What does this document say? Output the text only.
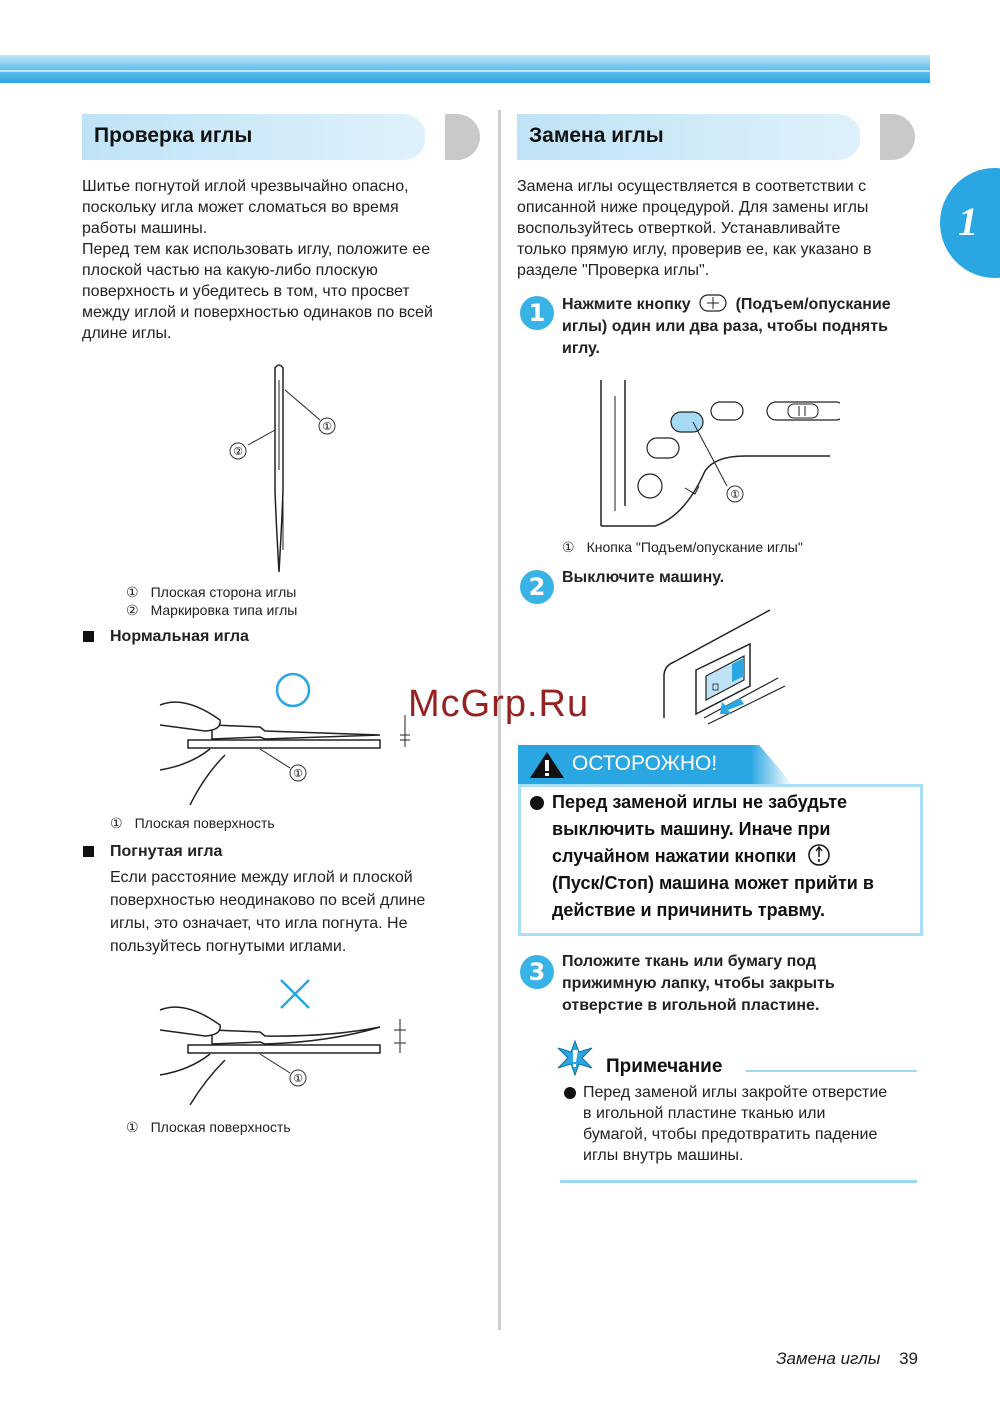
1
Проверка иглы
Шитье погнутой иглой чрезвычайно опасно,
поскольку игла может сломаться во время
работы машины.
Перед тем как использовать иглу, положите ее
плоской частью на какую-либо плоскую
поверхность и убедитесь в том, что просвет
между иглой и поверхностью одинаков по всей
длине иглы.
①
②
① Плоская сторона иглы
② Маркировка типа иглы
Нормальная игла
①
① Плоская поверхность
Погнутая игла
Если расстояние между иглой и плоской
поверхностью неодинаково по всей длине
иглы, это означает, что игла погнута. Не
пользуйтесь погнутыми иглами.
①
① Плоская поверхность
Замена иглы
Замена иглы осуществляется в соответствии с
описанной ниже процедурой. Для замены иглы
воспользуйтесь отверткой. Устанавливайте
только прямую иглу, проверив ее, как указано в
разделе "Проверка иглы".
1	Нажмите кнопку	(Подъем/опускание
иглы) один или два раза, чтобы поднять
иглу.
①
① Кнопка "Подъем/опускание иглы"
2	Выключите машину.
McGrp.Ru
ОСТОРОЖНО!
Перед заменой иглы не забудьте
выключить машину. Иначе при
случайном нажатии кнопки
(Пуск/Стоп) машина может прийти в
действие и причинить травму.
3	Положите ткань или бумагу под
прижимную лапку, чтобы закрыть
отверстие в игольной пластине.
Примечание
Перед заменой иглы закройте отверстие
в игольной пластине тканью или
бумагой, чтобы предотвратить падение
иглы внутрь машины.
Замена иглы 39
